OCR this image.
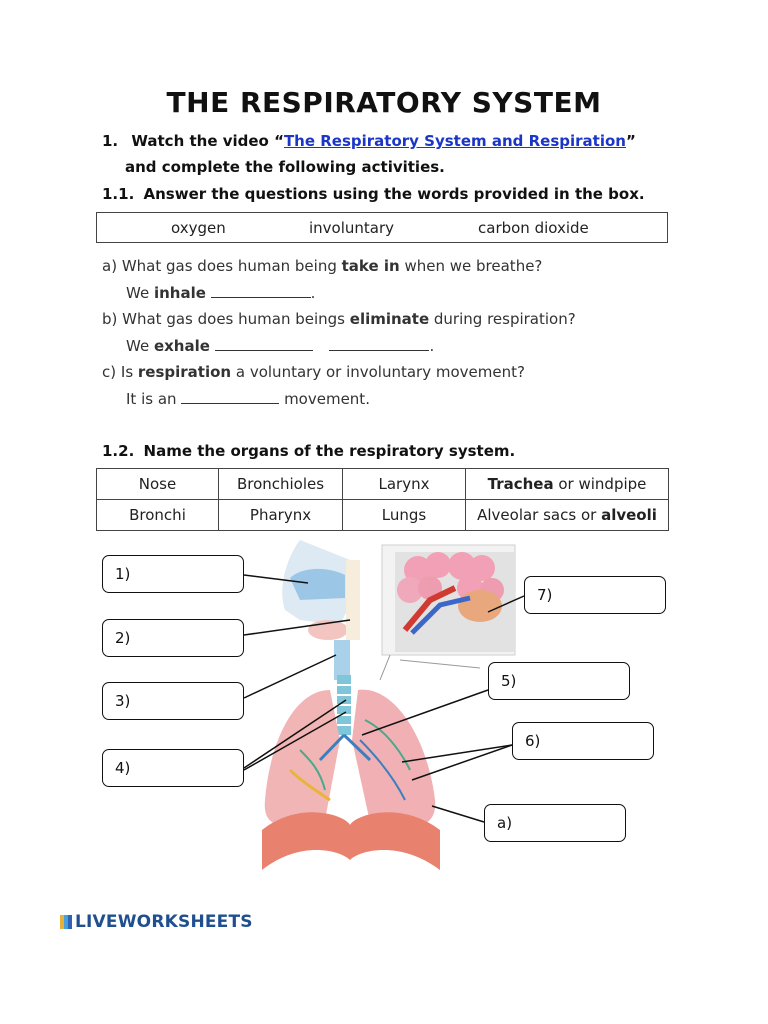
THE RESPIRATORY SYSTEM
1. Watch the video “The Respiratory System and Respiration”
and complete the following activities.
1.1. Answer the questions using the words provided in the box.
oxygen	involuntary	carbon dioxide
a) What gas does human being take in when we breathe?
We inhale	.
b) What gas does human beings eliminate during respiration?
We exhale	.
c) Is respiration a voluntary or involuntary movement?
It is an	movement.
1.2. Name the organs of the respiratory system.
Nose	Bronchioles	Larynx	Trachea or windpipe
Bronchi	Pharynx	Lungs	Alveolar sacs or alveoli
1)
2)
3)
4)
5)
6)
7)
a)
LIVEWORKSHEETS
